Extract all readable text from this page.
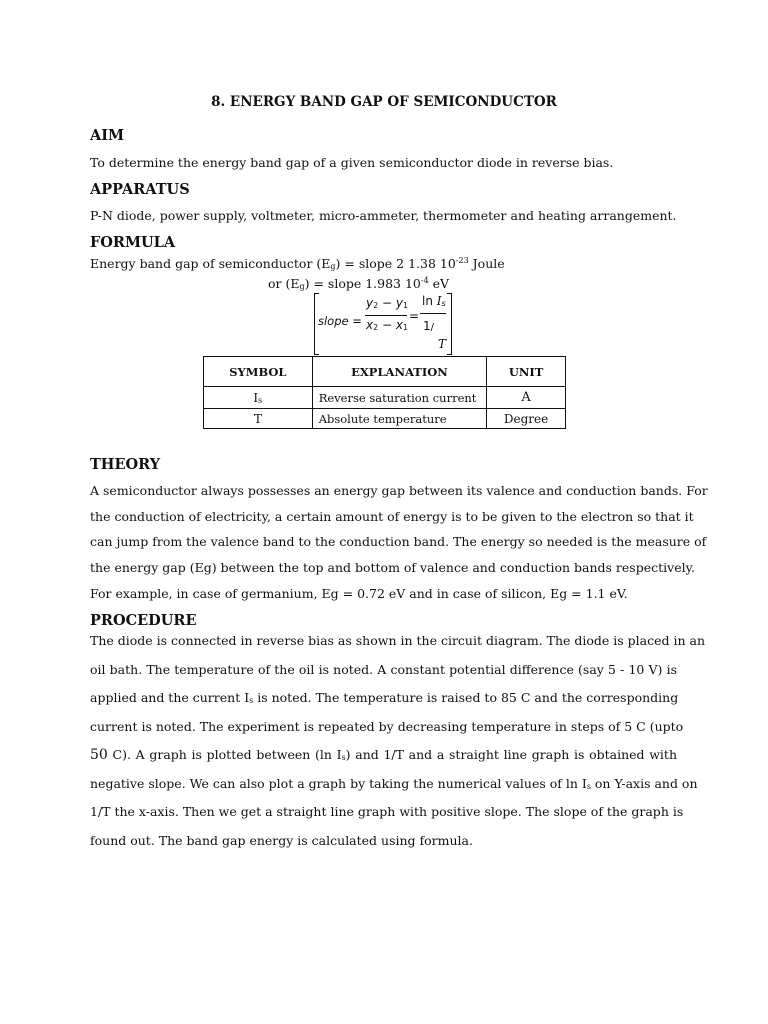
8. ENERGY BAND GAP OF SEMICONDUCTOR
AIM
To determine the energy band gap of a given semiconductor diode in reverse bias.
APPARATUS
P-N diode, power supply, voltmeter, micro-ammeter, thermometer and heating arrangement.
FORMULA
Energy band gap of semiconductor $(E_g)$ = slope 2 1.38 $10^{-23}$ Joule
or $(E_g)$ = slope 1.983 $10^{-4}$ eV
slope =
$y_2 - y_1$
$x_2 - x_1$
=
$\ln I_s$
1/
T
SYMBOL	EXPLANATION	UNIT
$I_s$	Reverse saturation current	A
T	Absolute temperature	Degree
THEORY
A semiconductor always possesses an energy gap between its valence and conduction bands. For
the conduction of electricity, a certain amount of energy is to be given to the electron so that it
can jump from the valence band to the conduction band. The energy so needed is the measure of
the energy gap (Eg) between the top and bottom of valence and conduction bands respectively.
For example, in case of germanium, Eg = 0.72 eV and in case of silicon, Eg = 1.1 eV.
PROCEDURE
The diode is connected in reverse bias as shown in the circuit diagram. The diode is placed in an
oil bath. The temperature of the oil is noted. A constant potential difference (say 5 - 10 V) is
applied and the current $I_s$ is noted. The temperature is raised to 85 C and the corresponding
current is noted. The experiment is repeated by decreasing temperature in steps of 5 C (upto
50 C). A graph is plotted between (ln $I_s$) and 1/T and a straight line graph is obtained with
negative slope. We can also plot a graph by taking the numerical values of $\ln I_s$ on Y-axis and on
1/T the x-axis. Then we get a straight line graph with positive slope. The slope of the graph is
found out. The band gap energy is calculated using formula.
